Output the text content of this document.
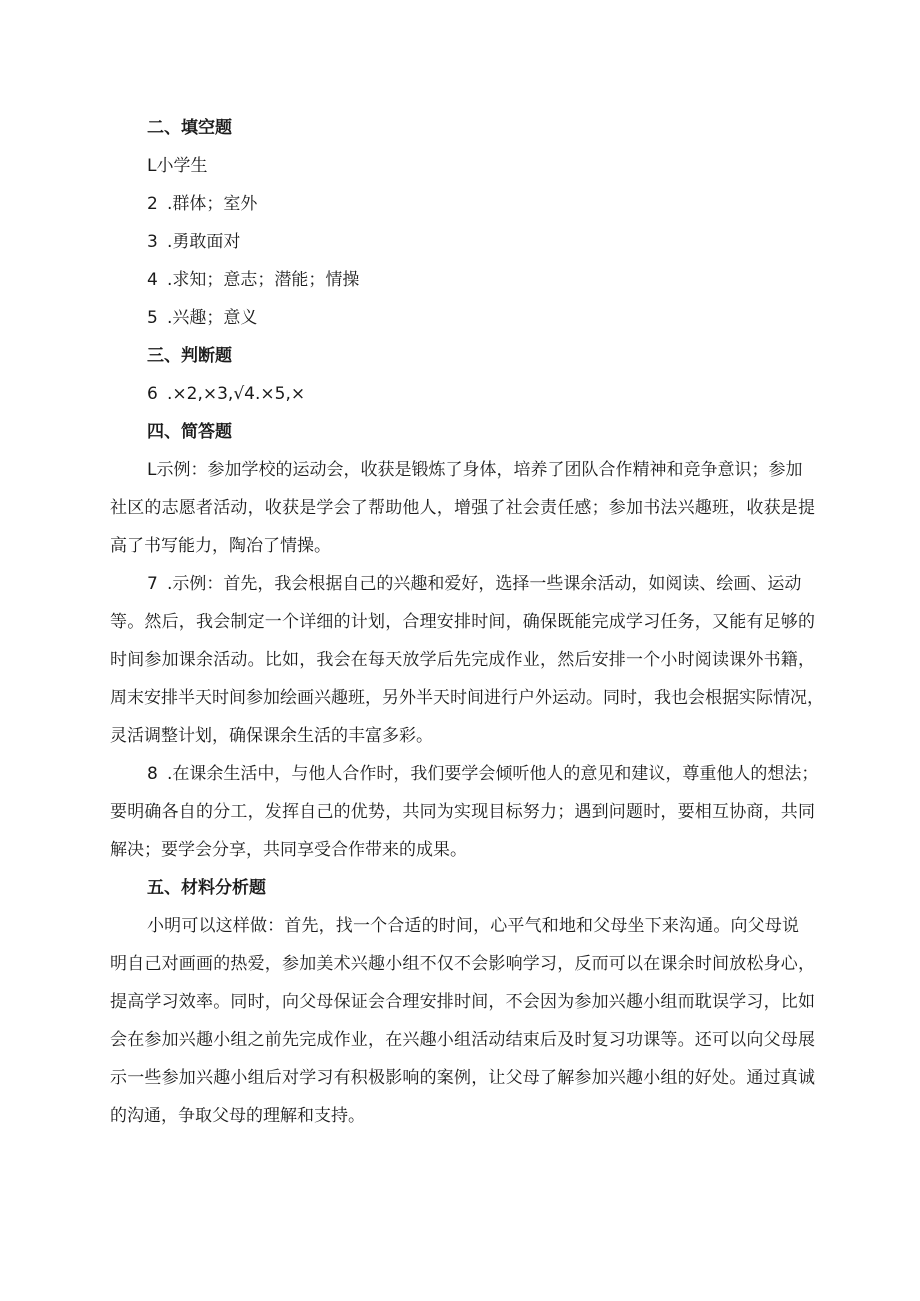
二、填空题
L小学生
2 .群体；室外
3 .勇敢面对
4 .求知；意志；潜能；情操
5 .兴趣；意义
三、判断题
6 .×2,×3,√4.×5,×
四、简答题
L示例：参加学校的运动会，收获是锻炼了身体，培养了团队合作精神和竞争意识；参加
社区的志愿者活动，收获是学会了帮助他人，增强了社会责任感；参加书法兴趣班，收获是提
高了书写能力，陶冶了情操。
7 .示例：首先，我会根据自己的兴趣和爱好，选择一些课余活动，如阅读、绘画、运动
等。然后，我会制定一个详细的计划，合理安排时间，确保既能完成学习任务，又能有足够的
时间参加课余活动。比如，我会在每天放学后先完成作业，然后安排一个小时阅读课外书籍，
周末安排半天时间参加绘画兴趣班，另外半天时间进行户外运动。同时，我也会根据实际情况，
灵活调整计划，确保课余生活的丰富多彩。
8 .在课余生活中，与他人合作时，我们要学会倾听他人的意见和建议，尊重他人的想法；
要明确各自的分工，发挥自己的优势，共同为实现目标努力；遇到问题时，要相互协商，共同
解决；要学会分享，共同享受合作带来的成果。
五、材料分析题
小明可以这样做：首先，找一个合适的时间，心平气和地和父母坐下来沟通。向父母说
明自己对画画的热爱，参加美术兴趣小组不仅不会影响学习，反而可以在课余时间放松身心，
提高学习效率。同时，向父母保证会合理安排时间，不会因为参加兴趣小组而耽误学习，比如
会在参加兴趣小组之前先完成作业，在兴趣小组活动结束后及时复习功课等。还可以向父母展
示一些参加兴趣小组后对学习有积极影响的案例，让父母了解参加兴趣小组的好处。通过真诚
的沟通，争取父母的理解和支持。
